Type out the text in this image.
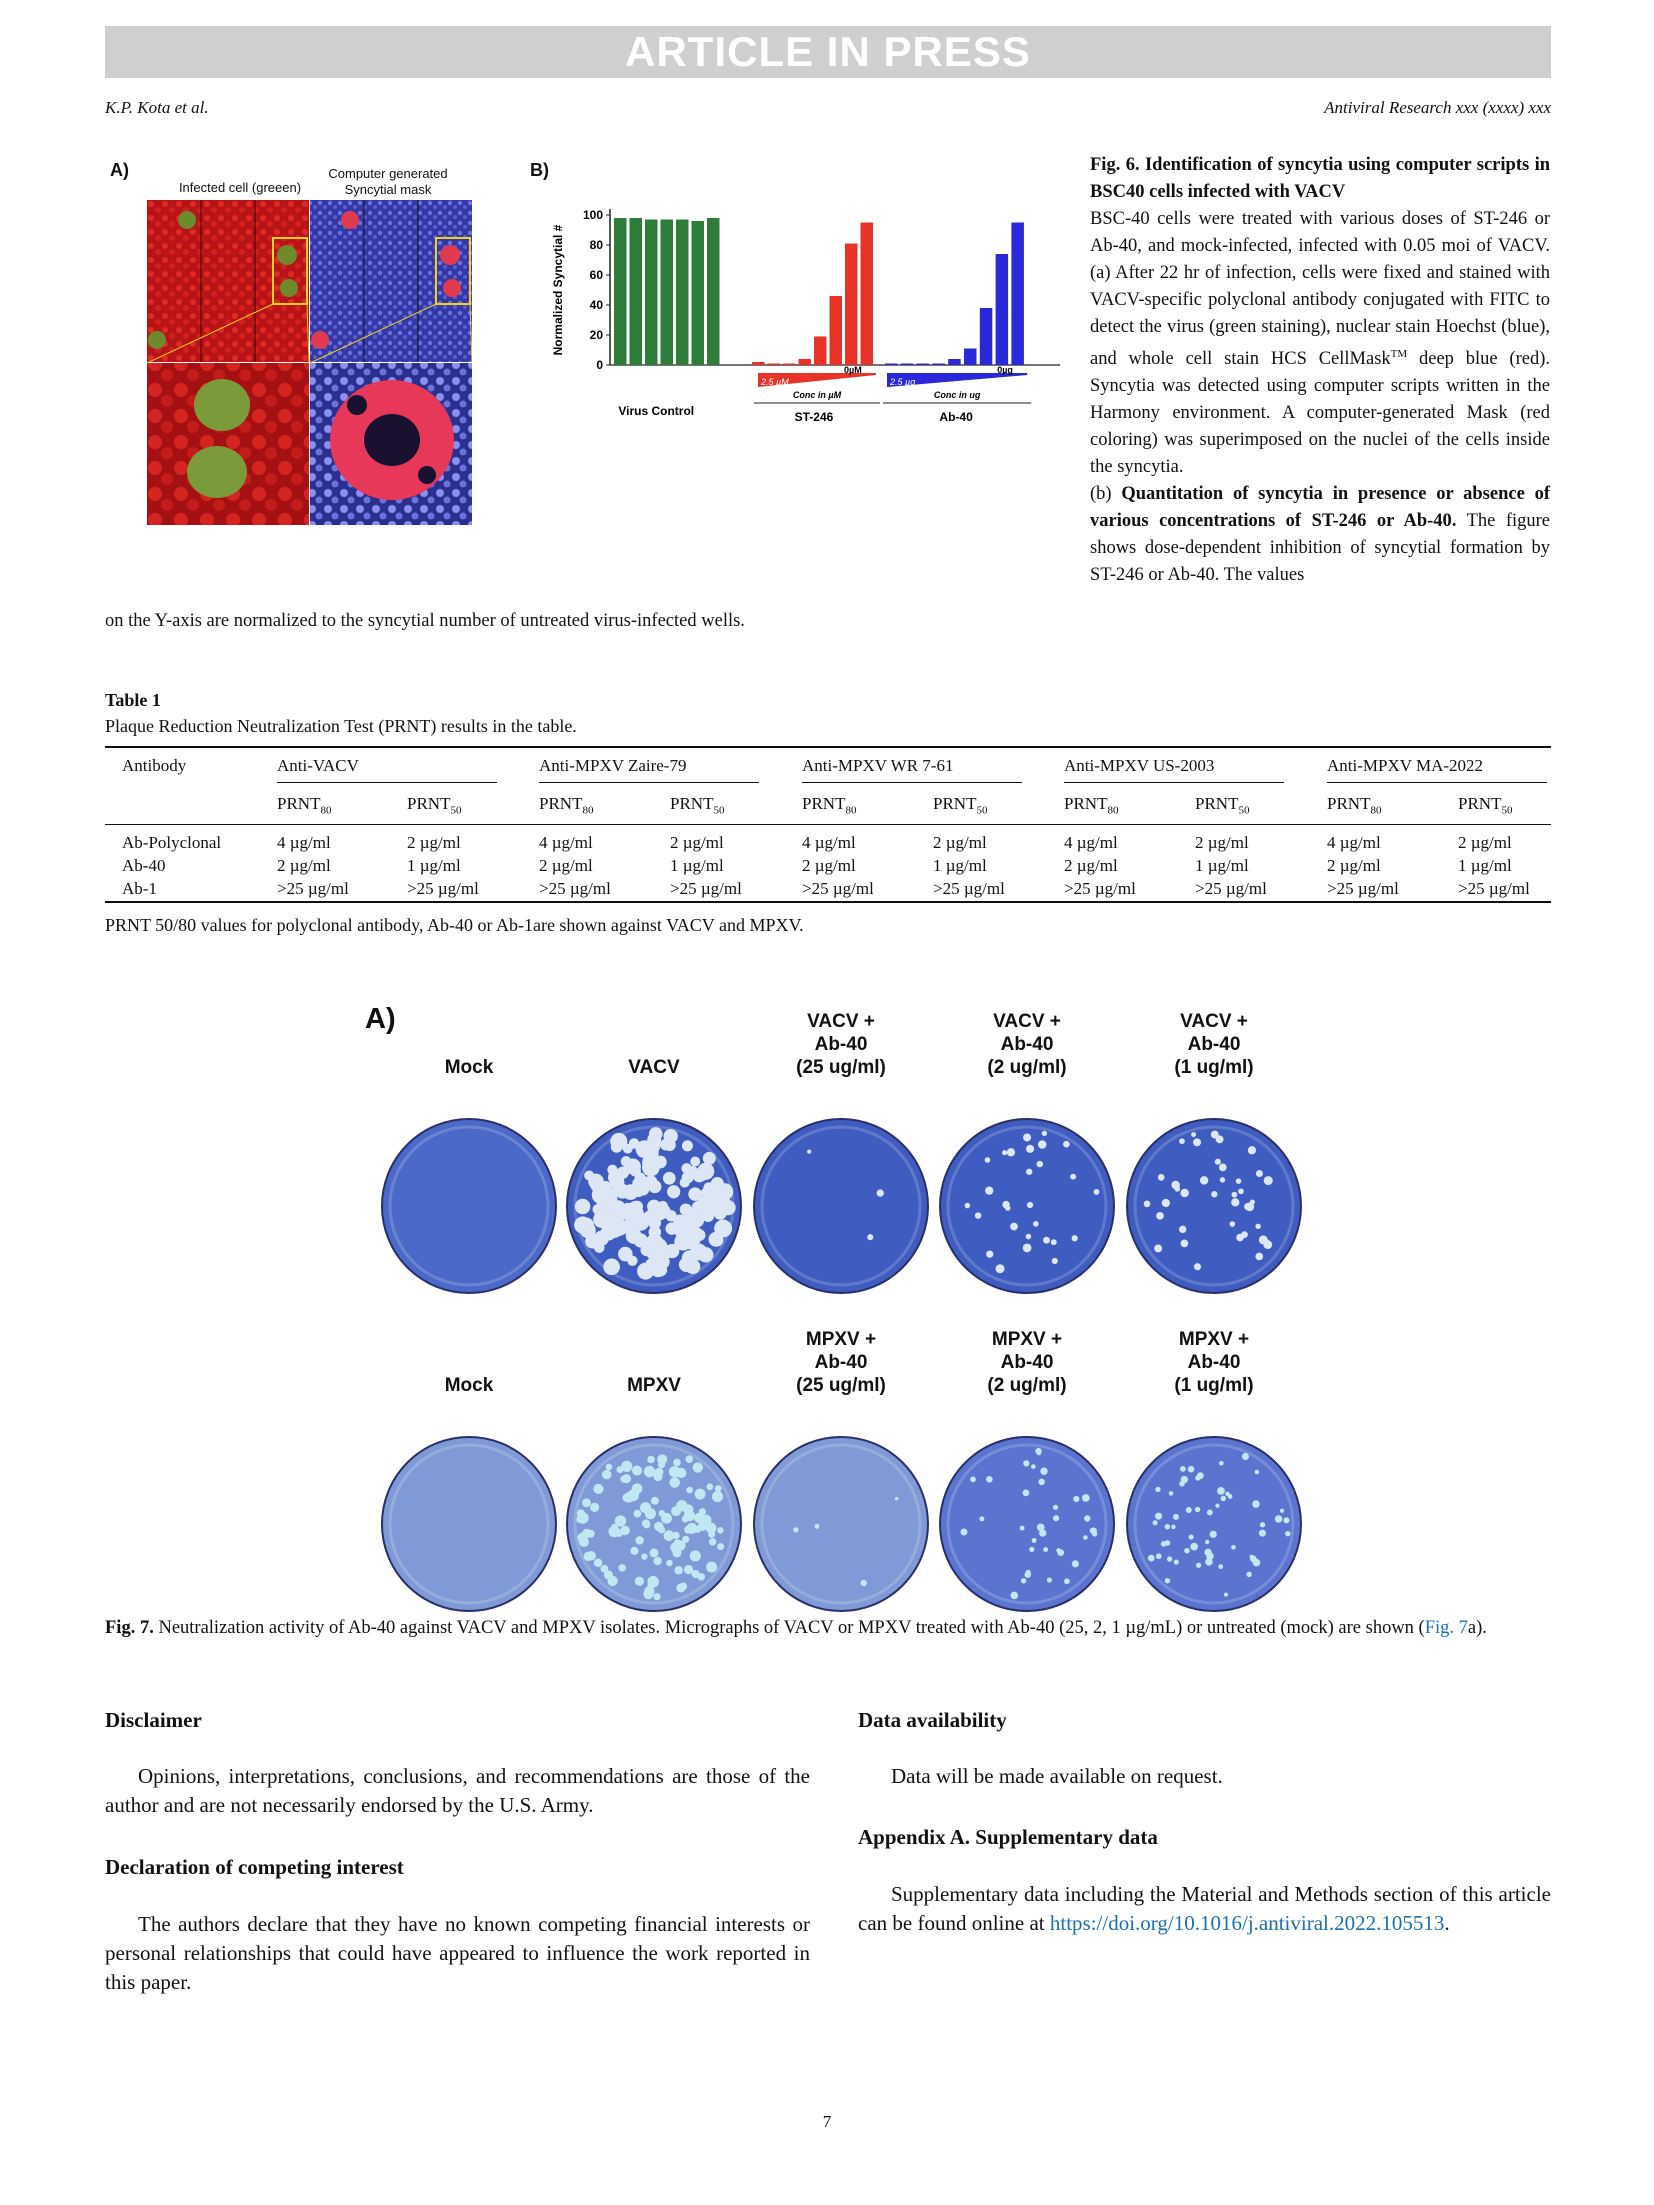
ARTICLE IN PRESS
K.P. Kota et al.	Antiviral Research xxx (xxxx) xxx
A)
Infected cell (greeen)
Computer generated Syncytial mask
B)
0
20
40
60
80
100
Normalized Syncytial #
2.5 µM
0µM
Conc in µM
2.5 µg
0µg
Conc in ug
Virus Control	ST-246	Ab-40
Fig. 6. Identification of syncytia using computer scripts in BSC40 cells infected with VACV
BSC-40 cells were treated with various doses of ST-246 or Ab-40, and mock-infected, infected with 0.05 moi of VACV. (a) After 22 hr of infection, cells were fixed and stained with VACV-specific polyclonal antibody conjugated with FITC to detect the virus (green staining), nuclear stain Hoechst (blue), and whole cell stain HCS CellMask™ deep blue (red). Syncytia was detected using computer scripts written in the Harmony environment. A computer-generated Mask (red coloring) was superimposed on the nuclei of the cells inside the syncytia.
(b) Quantitation of syncytia in presence or absence of various concentrations of ST-246 or Ab-40. The figure shows dose-dependent inhibition of syncytial formation by ST-246 or Ab-40. The values
on the Y-axis are normalized to the syncytial number of untreated virus-infected wells.
Table 1
Plaque Reduction Neutralization Test (PRNT) results in the table.
Antibody	Anti-VACV	Anti-MPXV Zaire-79	Anti-MPXV WR 7-61	Anti-MPXV US-2003	Anti-MPXV MA-2022
$PRNT_{80}$	$PRNT_{50}$	$PRNT_{80}$	$PRNT_{50}$	$PRNT_{80}$	$PRNT_{50}$	$PRNT_{80}$	$PRNT_{50}$	$PRNT_{80}$	$PRNT_{50}$
Ab-Polyclonal	4 µg/ml	2 µg/ml	4 µg/ml	2 µg/ml	4 µg/ml	2 µg/ml	4 µg/ml	2 µg/ml	4 µg/ml	2 µg/ml
Ab-40	2 µg/ml	1 µg/ml	2 µg/ml	1 µg/ml	2 µg/ml	1 µg/ml	2 µg/ml	1 µg/ml	2 µg/ml	1 µg/ml
Ab-1	>25 µg/ml	>25 µg/ml	>25 µg/ml	>25 µg/ml	>25 µg/ml	>25 µg/ml	>25 µg/ml	>25 µg/ml	>25 µg/ml	>25 µg/ml
PRNT 50/80 values for polyclonal antibody, Ab-40 or Ab-1are shown against VACV and MPXV.
A)
Mock	VACV
VACV +
Ab-40
(25 ug/ml)
VACV +
Ab-40
(2 ug/ml)
VACV +
Ab-40
(1 ug/ml)
Mock	MPXV
MPXV +
Ab-40
(25 ug/ml)
MPXV +
Ab-40
(2 ug/ml)
MPXV +
Ab-40
(1 ug/ml)
Fig. 7. Neutralization activity of Ab-40 against VACV and MPXV isolates. Micrographs of VACV or MPXV treated with Ab-40 (25, 2, 1 µg/mL) or untreated (mock) are shown (Fig. 7a).
Disclaimer
Opinions, interpretations, conclusions, and recommendations are those of the author and are not necessarily endorsed by the U.S. Army.
Declaration of competing interest
The authors declare that they have no known competing financial interests or personal relationships that could have appeared to influence the work reported in this paper.
Data availability
Data will be made available on request.
Appendix A. Supplementary data
Supplementary data including the Material and Methods section of this article can be found online at https://doi.org/10.1016/j.antiviral.2022.105513.
7
